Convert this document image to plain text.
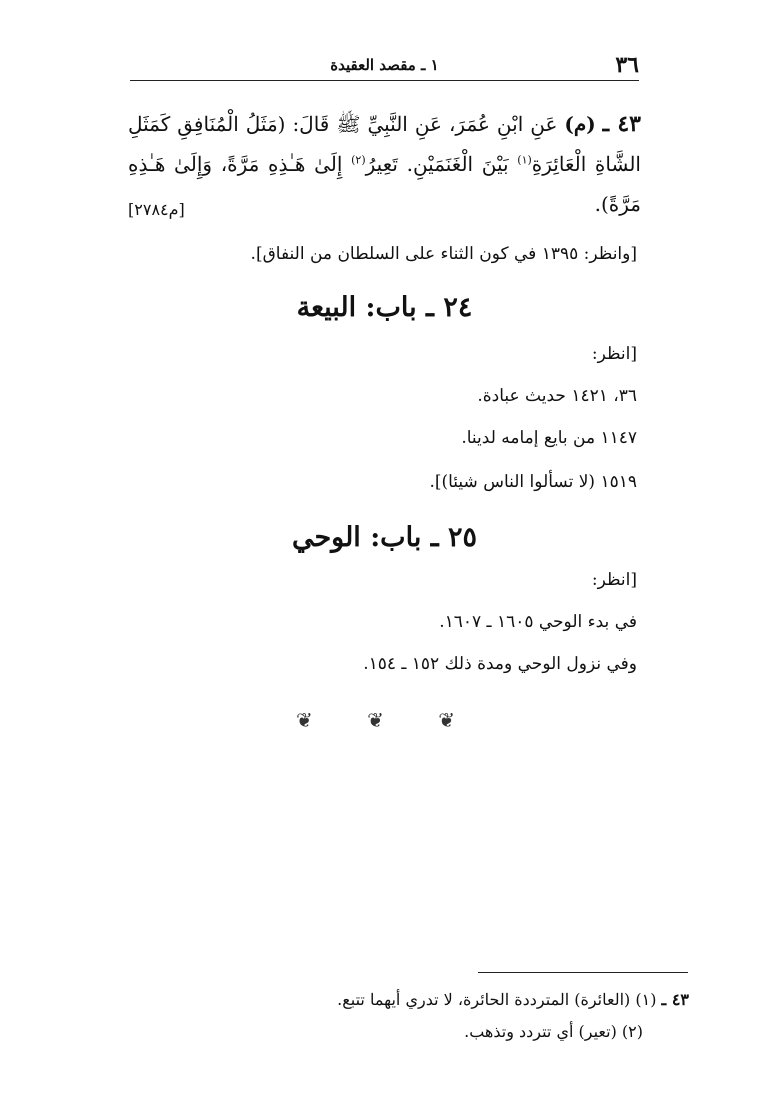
٣٦
١ ـ مقصد العقيدة
٤٣ ـ (م) عَنِ ابْنِ عُمَرَ، عَنِ النَّبِيِّ ﷺ قَالَ: (مَثَلُ الْمُنَافِقِ كَمَثَلِ الشَّاةِ الْعَائِرَةِ$^{(١)}$ بَيْنَ الْغَنَمَيْنِ. تَعِيرُ$^{(٢)}$ إِلَىٰ هَـٰذِهِ مَرَّةً، وَإِلَىٰ هَـٰذِهِ مَرَّةً).
[م٢٧٨٤]
[وانظر: ١٣٩٥ في كون الثناء على السلطان من النفاق].
٢٤ ـ باب: البيعة
[انظر:
٣٦، ١٤٢١ حديث عبادة.
١١٤٧ من بايع إمامه لدينا.
١٥١٩ (لا تسألوا الناس شيئا)].
٢٥ ـ باب: الوحي
[انظر:
في بدء الوحي ١٦٠٥ ـ ١٦٠٧.
وفي نزول الوحي ومدة ذلك ١٥٢ ـ ١٥٤.
❦ ❦ ❦
٤٣ ـ (١) (العائرة) المترددة الحائرة، لا تدري أيهما تتبع.
(٢) (تعير) أي تتردد وتذهب.
